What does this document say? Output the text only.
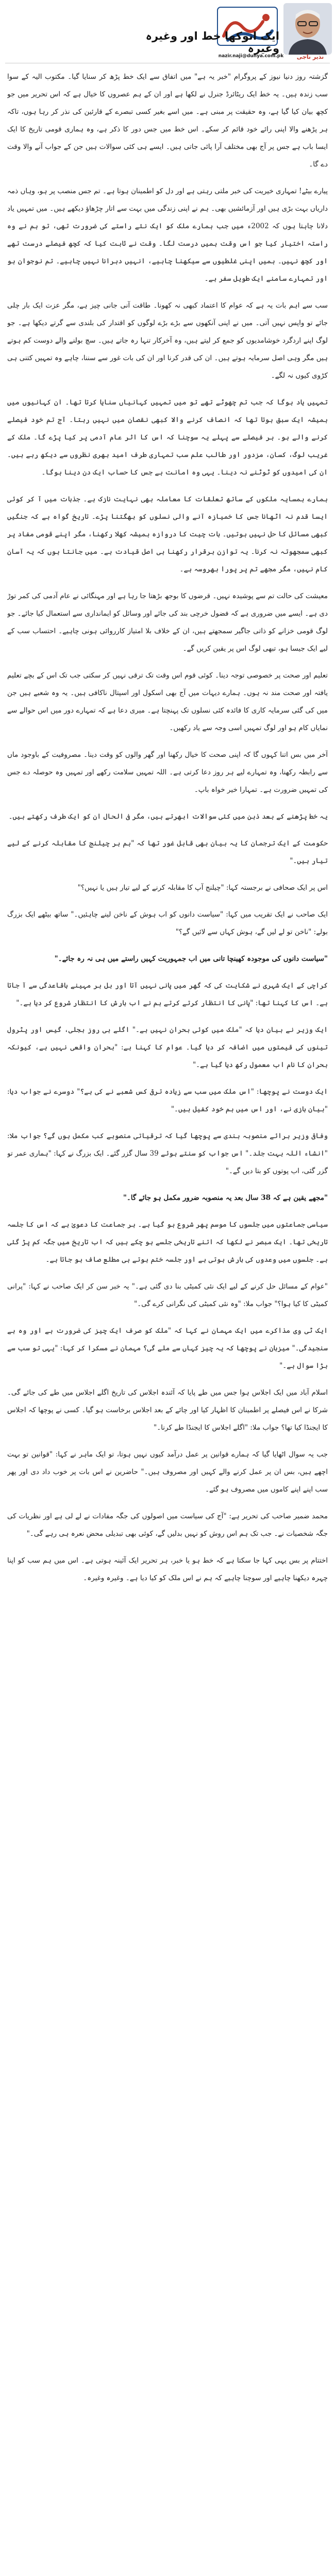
ایک انوکھا خط اور وغیرہ وغیرہ
نذیر ناجی
nazir.naji@dunya.com.pk

گزشتہ روز دنیا نیوز کے پروگرام "خبر یہ ہے" میں اتفاق سے ایک خط پڑھ کر سنایا گیا۔ مکتوب الیہ کے سوا سب زندہ ہیں۔ یہ خط ایک ریٹائرڈ جنرل نے لکھا ہے اور ان کے ہم عصروں کا خیال ہے کہ اس تحریر میں جو کچھ بیان کیا گیا ہے، وہ حقیقت پر مبنی ہے۔ میں اسے بغیر کسی تبصرے کے قارئین کی نذر کر رہا ہوں، تاکہ ہر پڑھنے والا اپنی رائے خود قائم کر سکے۔ اس خط میں جس دور کا ذکر ہے، وہ ہماری قومی تاریخ کا ایک ایسا باب ہے جس پر آج بھی مختلف آرا پائی جاتی ہیں۔ ایسے ہی کئی سوالات ہیں جن کے جواب آنے والا وقت دے گا۔

پیارے بیٹے! تمہاری خیریت کی خبر ملتی رہتی ہے اور دل کو اطمینان ہوتا ہے۔ تم جس منصب پر ہو، وہاں ذمہ داریاں بہت بڑی ہیں اور آزمائشیں بھی۔ ہم نے اپنی زندگی میں بہت سے اتار چڑھاؤ دیکھے ہیں۔ میں تمہیں یاد دلانا چاہتا ہوں کہ 2002ء میں جب ہمارے ملک کو ایک نئے راستے کی ضرورت تھی، تو ہم نے وہ راستہ اختیار کیا جو اس وقت ہمیں درست لگا۔ وقت نے ثابت کیا کہ کچھ فیصلے درست تھے اور کچھ نہیں۔ ہمیں اپنی غلطیوں سے سیکھنا چاہیے، انہیں دہرانا نہیں چاہیے۔ تم نوجوان ہو اور تمہارے سامنے ایک طویل سفر ہے۔

سب سے اہم بات یہ ہے کہ عوام کا اعتماد کبھی نہ کھونا۔ طاقت آنی جانی چیز ہے، مگر عزت ایک بار چلی جائے تو واپس نہیں آتی۔ میں نے اپنی آنکھوں سے بڑے بڑے لوگوں کو اقتدار کی بلندی سے گرتے دیکھا ہے۔ جو لوگ اپنے اردگرد خوشامدیوں کو جمع کر لیتے ہیں، وہ آخرکار تنہا رہ جاتے ہیں۔ سچ بولنے والے دوست کم ہوتے ہیں مگر وہی اصل سرمایہ ہوتے ہیں۔ ان کی قدر کرنا اور ان کی بات غور سے سننا، چاہے وہ تمہیں کتنی ہی کڑوی کیوں نہ لگے۔

تمہیں یاد ہوگا کہ جب تم چھوٹے تھے تو میں تمہیں کہانیاں سنایا کرتا تھا۔ ان کہانیوں میں ہمیشہ ایک سبق ہوتا تھا کہ انصاف کرنے والا کبھی نقصان میں نہیں رہتا۔ آج تم خود فیصلے کرنے والے ہو۔ ہر فیصلے سے پہلے یہ سوچنا کہ اس کا اثر عام آدمی پر کیا پڑے گا۔ ملک کے غریب لوگ، کسان، مزدور اور طالب علم سب تمہاری طرف امید بھری نظروں سے دیکھ رہے ہیں۔ ان کی امیدوں کو ٹوٹنے نہ دینا۔ یہی وہ امانت ہے جس کا حساب ایک دن دینا ہوگا۔

ہمارے ہمسایہ ملکوں کے ساتھ تعلقات کا معاملہ بھی نہایت نازک ہے۔ جذبات میں آ کر کوئی ایسا قدم نہ اٹھانا جس کا خمیازہ آنے والی نسلوں کو بھگتنا پڑے۔ تاریخ گواہ ہے کہ جنگیں کبھی مسائل کا حل نہیں ہوتیں۔ بات چیت کا دروازہ ہمیشہ کھلا رکھنا، مگر اپنے قومی مفاد پر کبھی سمجھوتہ نہ کرنا۔ یہ توازن برقرار رکھنا ہی اصل قیادت ہے۔ میں جانتا ہوں کہ یہ آسان کام نہیں، مگر مجھے تم پر پورا بھروسہ ہے۔

معیشت کی حالت تم سے پوشیدہ نہیں۔ قرضوں کا بوجھ بڑھتا جا رہا ہے اور مہنگائی نے عام آدمی کی کمر توڑ دی ہے۔ ایسے میں ضروری ہے کہ فضول خرچی بند کی جائے اور وسائل کو ایمانداری سے استعمال کیا جائے۔ جو لوگ قومی خزانے کو ذاتی جاگیر سمجھتے ہیں، ان کے خلاف بلا امتیاز کارروائی ہونی چاہیے۔ احتساب سب کے لیے ایک جیسا ہو، تبھی لوگ اس پر یقین کریں گے۔

تعلیم اور صحت پر خصوصی توجہ دینا۔ کوئی قوم اس وقت تک ترقی نہیں کر سکتی جب تک اس کے بچے تعلیم یافتہ اور صحت مند نہ ہوں۔ ہمارے دیہات میں آج بھی اسکول اور اسپتال ناکافی ہیں۔ یہ وہ شعبے ہیں جن میں کی گئی سرمایہ کاری کا فائدہ کئی نسلوں تک پہنچتا ہے۔ میری دعا ہے کہ تمہارے دور میں اس حوالے سے نمایاں کام ہو اور لوگ تمہیں اسی وجہ سے یاد رکھیں۔

آخر میں بس اتنا کہوں گا کہ اپنی صحت کا خیال رکھنا اور گھر والوں کو وقت دینا۔ مصروفیت کے باوجود ماں سے رابطہ رکھنا، وہ تمہارے لیے ہر روز دعا کرتی ہے۔ اللہ تمہیں سلامت رکھے اور تمہیں وہ حوصلہ دے جس کی تمہیں ضرورت ہے۔ تمہارا خیر خواہ باپ۔

یہ خط پڑھنے کے بعد ذہن میں کئی سوالات ابھرتے ہیں، مگر فی الحال ان کو ایک طرف رکھتے ہیں۔

حکومت کے ایک ترجمان کا یہ بیان بھی قابل غور تھا کہ "ہم ہر چیلنج کا مقابلہ کرنے کے لیے تیار ہیں۔"

اس پر ایک صحافی نے برجستہ کہا: "چیلنج آپ کا مقابلہ کرنے کے لیے تیار ہیں یا نہیں؟"

ایک صاحب نے ایک تقریب میں کہا: "سیاست دانوں کو اب ہوش کے ناخن لینے چاہئیں۔" ساتھ بیٹھے ایک بزرگ بولے: "ناخن تو لے لیں گے، ہوش کہاں سے لائیں گے؟"

"سیاست دانوں کی موجودہ کھینچا تانی میں اب جمہوریت کہیں راستے میں ہی نہ رہ جائے۔"

کراچی کے ایک شہری نے شکایت کی کہ گھر میں پانی نہیں آتا اور بل ہر مہینے باقاعدگی سے آ جاتا ہے۔ اس کا کہنا تھا: "پانی کا انتظار کرتے کرتے ہم نے اب بارش کا انتظار شروع کر دیا ہے۔"

ایک وزیر نے بیان دیا کہ "ملک میں کوئی بحران نہیں ہے۔" اگلے ہی روز بجلی، گیس اور پٹرول تینوں کی قیمتوں میں اضافہ کر دیا گیا۔ عوام کا کہنا ہے: "بحران واقعی نہیں ہے، کیونکہ بحران کا نام اب معمول رکھ دیا گیا ہے۔"

ایک دوست نے پوچھا: "اس ملک میں سب سے زیادہ ترقی کس شعبے نے کی ہے؟" دوسرے نے جواب دیا: "بیان بازی نے، اور اس میں ہم خود کفیل ہیں۔"

وفاقی وزیر برائے منصوبہ بندی سے پوچھا گیا کہ ترقیاتی منصوبے کب مکمل ہوں گے؟ جواب ملا: "انشاء اللہ بہت جلد۔" اس جواب کو سنتے ہوئے 39 سال گزر گئے۔ ایک بزرگ نے کہا: "ہماری عمر تو گزر گئی، اب پوتوں کو بتا دیں گے۔"

"مجھے یقین ہے کہ 38 سال بعد یہ منصوبہ ضرور مکمل ہو جائے گا۔"

سیاسی جماعتوں میں جلسوں کا موسم پھر شروع ہو گیا ہے۔ ہر جماعت کا دعویٰ ہے کہ اس کا جلسہ تاریخی تھا۔ ایک مبصر نے لکھا کہ اتنے تاریخی جلسے ہو چکے ہیں کہ اب تاریخ میں جگہ کم پڑ گئی ہے۔ جلسوں میں وعدوں کی بارش ہوتی ہے اور جلسہ ختم ہوتے ہی مطلع صاف ہو جاتا ہے۔

"عوام کے مسائل حل کرنے کے لیے ایک نئی کمیٹی بنا دی گئی ہے۔" یہ خبر سن کر ایک صاحب نے کہا: "پرانی کمیٹی کا کیا ہوا؟" جواب ملا: "وہ نئی کمیٹی کی نگرانی کرے گی۔"

ایک ٹی وی مذاکرے میں ایک مہمان نے کہا کہ "ملک کو صرف ایک چیز کی ضرورت ہے اور وہ ہے سنجیدگی۔" میزبان نے پوچھا کہ یہ چیز کہاں سے ملے گی؟ مہمان نے مسکرا کر کہا: "یہی تو سب سے بڑا سوال ہے۔"

اسلام آباد میں ایک اجلاس ہوا جس میں طے پایا کہ آئندہ اجلاس کی تاریخ اگلے اجلاس میں طے کی جائے گی۔ شرکا نے اس فیصلے پر اطمینان کا اظہار کیا اور چائے کے بعد اجلاس برخاست ہو گیا۔ کسی نے پوچھا کہ اجلاس کا ایجنڈا کیا تھا؟ جواب ملا: "اگلے اجلاس کا ایجنڈا طے کرنا۔"

جب یہ سوال اٹھایا گیا کہ ہمارے قوانین پر عمل درآمد کیوں نہیں ہوتا، تو ایک ماہر نے کہا: "قوانین تو بہت اچھے ہیں، بس ان پر عمل کرنے والے کہیں اور مصروف ہیں۔" حاضرین نے اس بات پر خوب داد دی اور پھر سب اپنے اپنے کاموں میں مصروف ہو گئے۔

محمد ضمیر صاحب کی تحریر ہے: "آج کی سیاست میں اصولوں کی جگہ مفادات نے لے لی ہے اور نظریات کی جگہ شخصیات نے۔ جب تک ہم اس روش کو نہیں بدلیں گے، کوئی بھی تبدیلی محض نعرہ ہی رہے گی۔"

اختتام پر بس یہی کہا جا سکتا ہے کہ خط ہو یا خبر، ہر تحریر ایک آئینہ ہوتی ہے۔ اس میں ہم سب کو اپنا چہرہ دیکھنا چاہیے اور سوچنا چاہیے کہ ہم نے اس ملک کو کیا دیا ہے۔ وغیرہ وغیرہ۔
